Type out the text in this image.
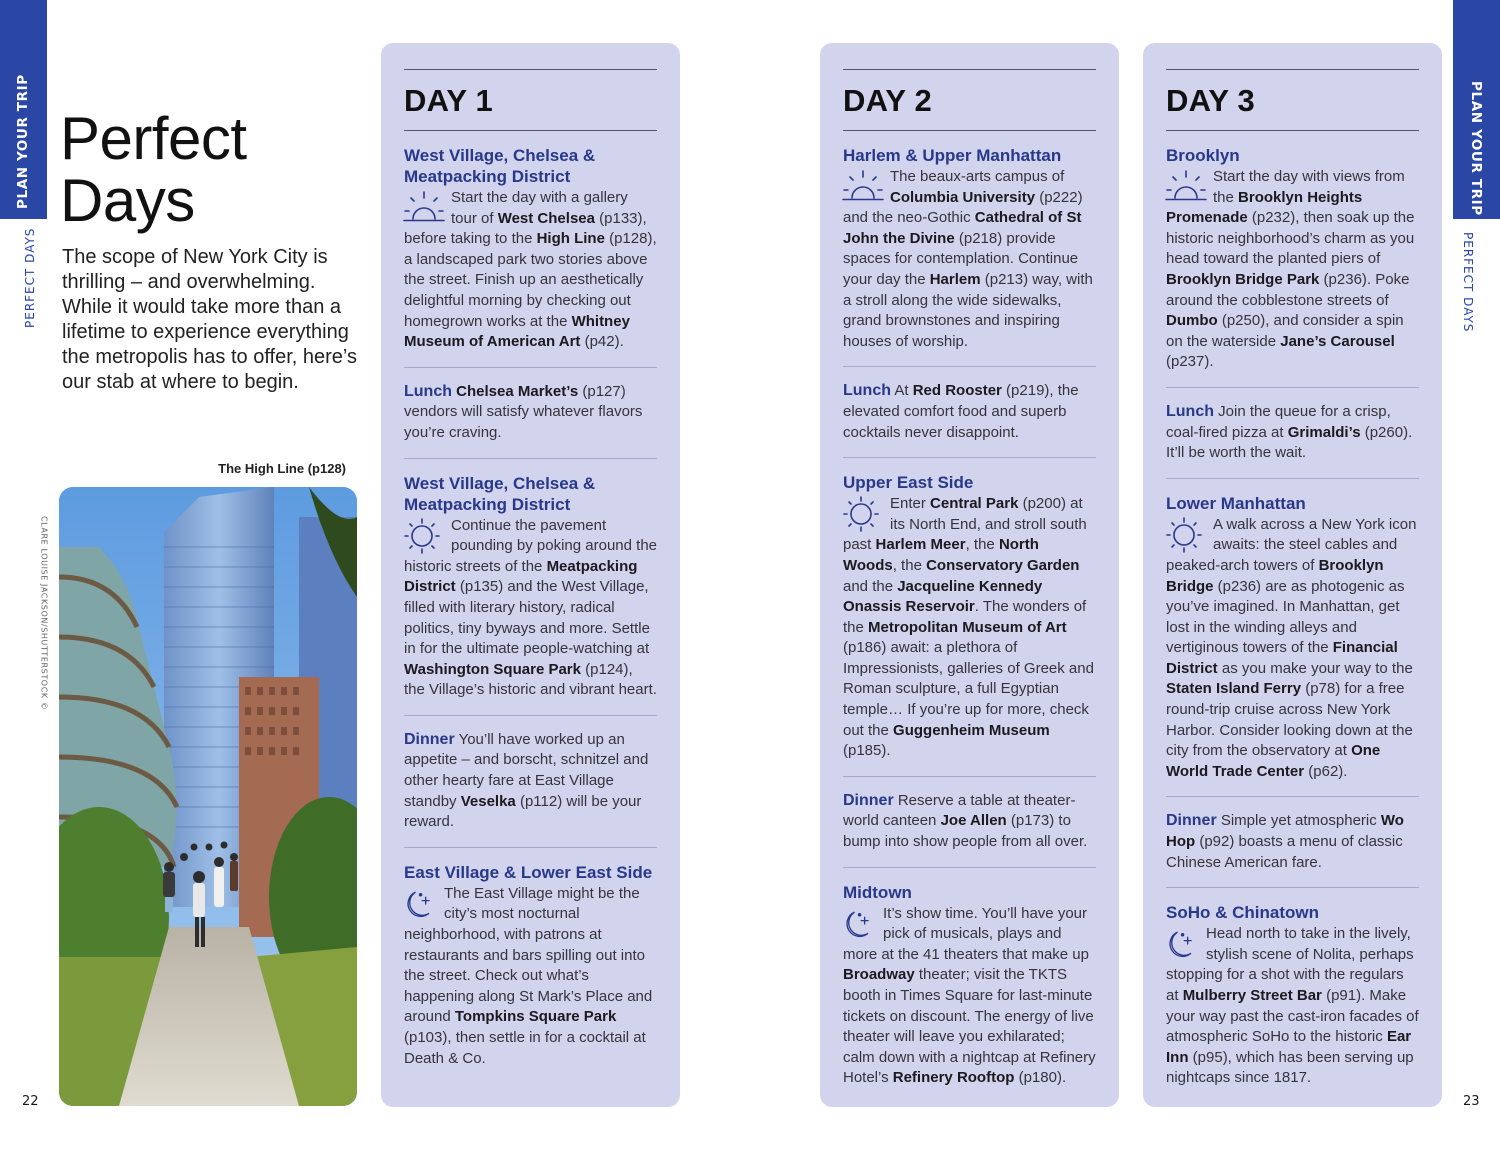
PLAN YOUR TRIP
PERFECT DAYS
PLAN YOUR TRIP
PERFECT DAYS
22	23
Perfect
Days

The scope of New York City is thrilling – and overwhelming. While it would take more than a lifetime to experience everything the metropolis has to offer, here’s our stab at where to begin.

The High Line (p128)
CLARE LOUISE JACKSON/SHUTTERSTOCK ©
DAY 1
West Village, Chelsea & Meatpacking District

Start the day with a gallery tour of West Chelsea (p133), before taking to the High Line (p128), a landscaped park two stories above the street. Finish up an aesthetically delightful morning by checking out homegrown works at the Whitney Museum of American Art (p42).

Lunch Chelsea Market’s (p127) vendors will satisfy whatever flavors you’re craving.

West Village, Chelsea & Meatpacking District

Continue the pavement pounding by poking around the historic streets of the Meatpacking District (p135) and the West Village, filled with literary history, radical politics, tiny byways and more. Settle in for the ultimate people-watching at Washington Square Park (p124), the Village’s historic and vibrant heart.

Dinner You’ll have worked up an appetite – and borscht, schnitzel and other hearty fare at East Village standby Veselka (p112) will be your reward.

East Village & Lower East Side

The East Village might be the city’s most nocturnal neighborhood, with patrons at restaurants and bars spilling out into the street. Check out what’s happening along St Mark’s Place and around Tompkins Square Park (p103), then settle in for a cocktail at Death & Co.

DAY 2
Harlem & Upper Manhattan

The beaux-arts campus of Columbia University (p222) and the neo-Gothic Cathedral of St John the Divine (p218) provide spaces for contemplation. Continue your day the Harlem (p213) way, with a stroll along the wide sidewalks, grand brownstones and inspiring houses of worship.

Lunch At Red Rooster (p219), the elevated comfort food and superb cocktails never disappoint.

Upper East Side

Enter Central Park (p200) at its North End, and stroll south past Harlem Meer, the North Woods, the Conservatory Garden and the Jacqueline Kennedy Onassis Reservoir. The wonders of the Metropolitan Museum of Art (p186) await: a plethora of Impressionists, galleries of Greek and Roman sculpture, a full Egyptian temple… If you’re up for more, check out the Guggenheim Museum (p185).

Dinner Reserve a table at theater-world canteen Joe Allen (p173) to bump into show people from all over.

Midtown

It’s show time. You’ll have your pick of musicals, plays and more at the 41 theaters that make up Broadway theater; visit the TKTS booth in Times Square for last-minute tickets on discount. The energy of live theater will leave you exhilarated; calm down with a nightcap at Refinery Hotel’s Refinery Rooftop (p180).

DAY 3
Brooklyn

Start the day with views from the Brooklyn Heights Promenade (p232), then soak up the historic neighborhood’s charm as you head toward the planted piers of Brooklyn Bridge Park (p236). Poke around the cobblestone streets of Dumbo (p250), and consider a spin on the waterside Jane’s Carousel (p237).

Lunch Join the queue for a crisp, coal-fired pizza at Grimaldi’s (p260). It’ll be worth the wait.

Lower Manhattan

A walk across a New York icon awaits: the steel cables and peaked-arch towers of Brooklyn Bridge (p236) are as photogenic as you’ve imagined. In Manhattan, get lost in the winding alleys and vertiginous towers of the Financial District as you make your way to the Staten Island Ferry (p78) for a free round-trip cruise across New York Harbor. Consider looking down at the city from the observatory at One World Trade Center (p62).

Dinner Simple yet atmospheric Wo Hop (p92) boasts a menu of classic Chinese American fare.

SoHo & Chinatown

Head north to take in the lively, stylish scene of Nolita, perhaps stopping for a shot with the regulars at Mulberry Street Bar (p91). Make your way past the cast-iron facades of atmospheric SoHo to the historic Ear Inn (p95), which has been serving up nightcaps since 1817.
